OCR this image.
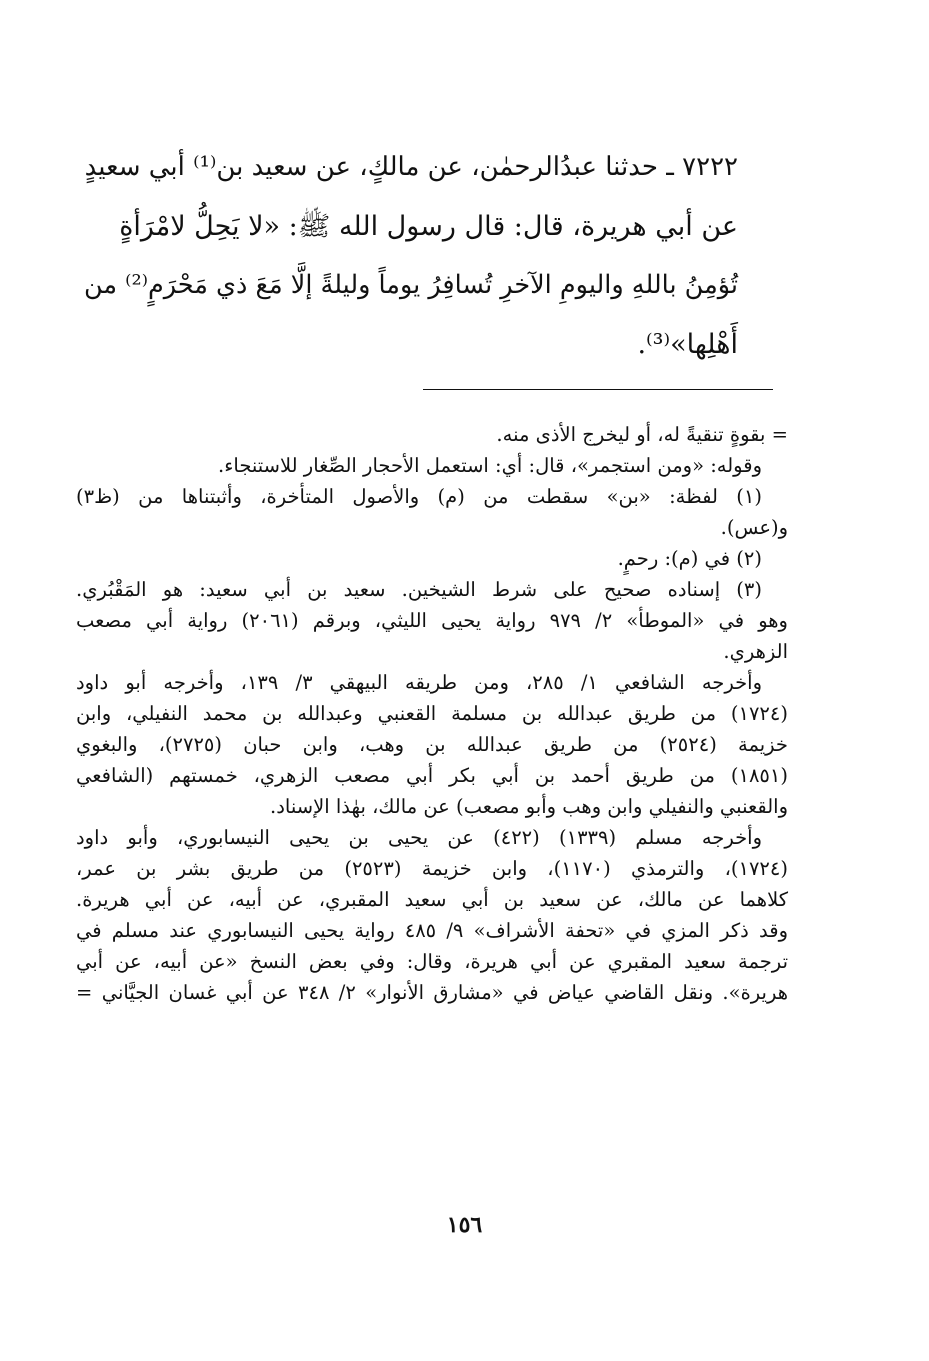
٧٢٢٢ ـ حدثنا عبدُالرحمٰن، عن مالكٍ، عن سعيد بن⁽¹⁾ أبي سعيدٍ
عن أبي هريرة، قال: قال رسول الله ﷺ: «لا يَحِلُّ لامْرَأةٍ
تُؤمِنُ باللهِ واليومِ الآخرِ تُسافِرُ يوماً وليلةً إلَّا مَعَ ذي مَحْرَمٍ⁽²⁾ من
أَهْلِها»⁽³⁾.
= بقوةٍ تنقيةً له، أو ليخرج الأذى منه.
وقوله: «ومن استجمر»، قال: أي: استعمل الأحجار الصِّغار للاستنجاء.
(١) لفظة: «بن» سقطت من (م) والأصول المتأخرة، وأثبتناها من (ظ٣)
و(عس).
(٢) في (م): رحمٍ.
(٣) إسناده صحيح على شرط الشيخين. سعيد بن أبي سعيد: هو المَقْبُري.
وهو في «الموطأ» ٢/ ٩٧٩ رواية يحيى الليثي، وبرقم (٢٠٦١) رواية أبي مصعب
الزهري.
وأخرجه الشافعي ١/ ٢٨٥، ومن طريقه البيهقي ٣/ ١٣٩، وأخرجه أبو داود
(١٧٢٤) من طريق عبدالله بن مسلمة القعنبي وعبدالله بن محمد النفيلي، وابن
خزيمة (٢٥٢٤) من طريق عبدالله بن وهب، وابن حبان (٢٧٢٥)، والبغوي
(١٨٥١) من طريق أحمد بن أبي بكر أبي مصعب الزهري، خمستهم (الشافعي
والقعنبي والنفيلي وابن وهب وأبو مصعب) عن مالك، بهٰذا الإسناد.
وأخرجه مسلم (١٣٣٩) (٤٢٢) عن يحيى بن يحيى النيسابوري، وأبو داود
(١٧٢٤)، والترمذي (١١٧٠)، وابن خزيمة (٢٥٢٣) من طريق بشر بن عمر،
كلاهما عن مالك، عن سعيد بن أبي سعيد المقبري، عن أبيه، عن أبي هريرة.
وقد ذكر المزي في «تحفة الأشراف» ٩/ ٤٨٥ رواية يحيى النيسابوري عند مسلم في
ترجمة سعيد المقبري عن أبي هريرة، وقال: وفي بعض النسخ «عن أبيه، عن أبي
هريرة». ونقل القاضي عياض في «مشارق الأنوار» ٢/ ٣٤٨ عن أبي غسان الجيَّاني =
١٥٦
